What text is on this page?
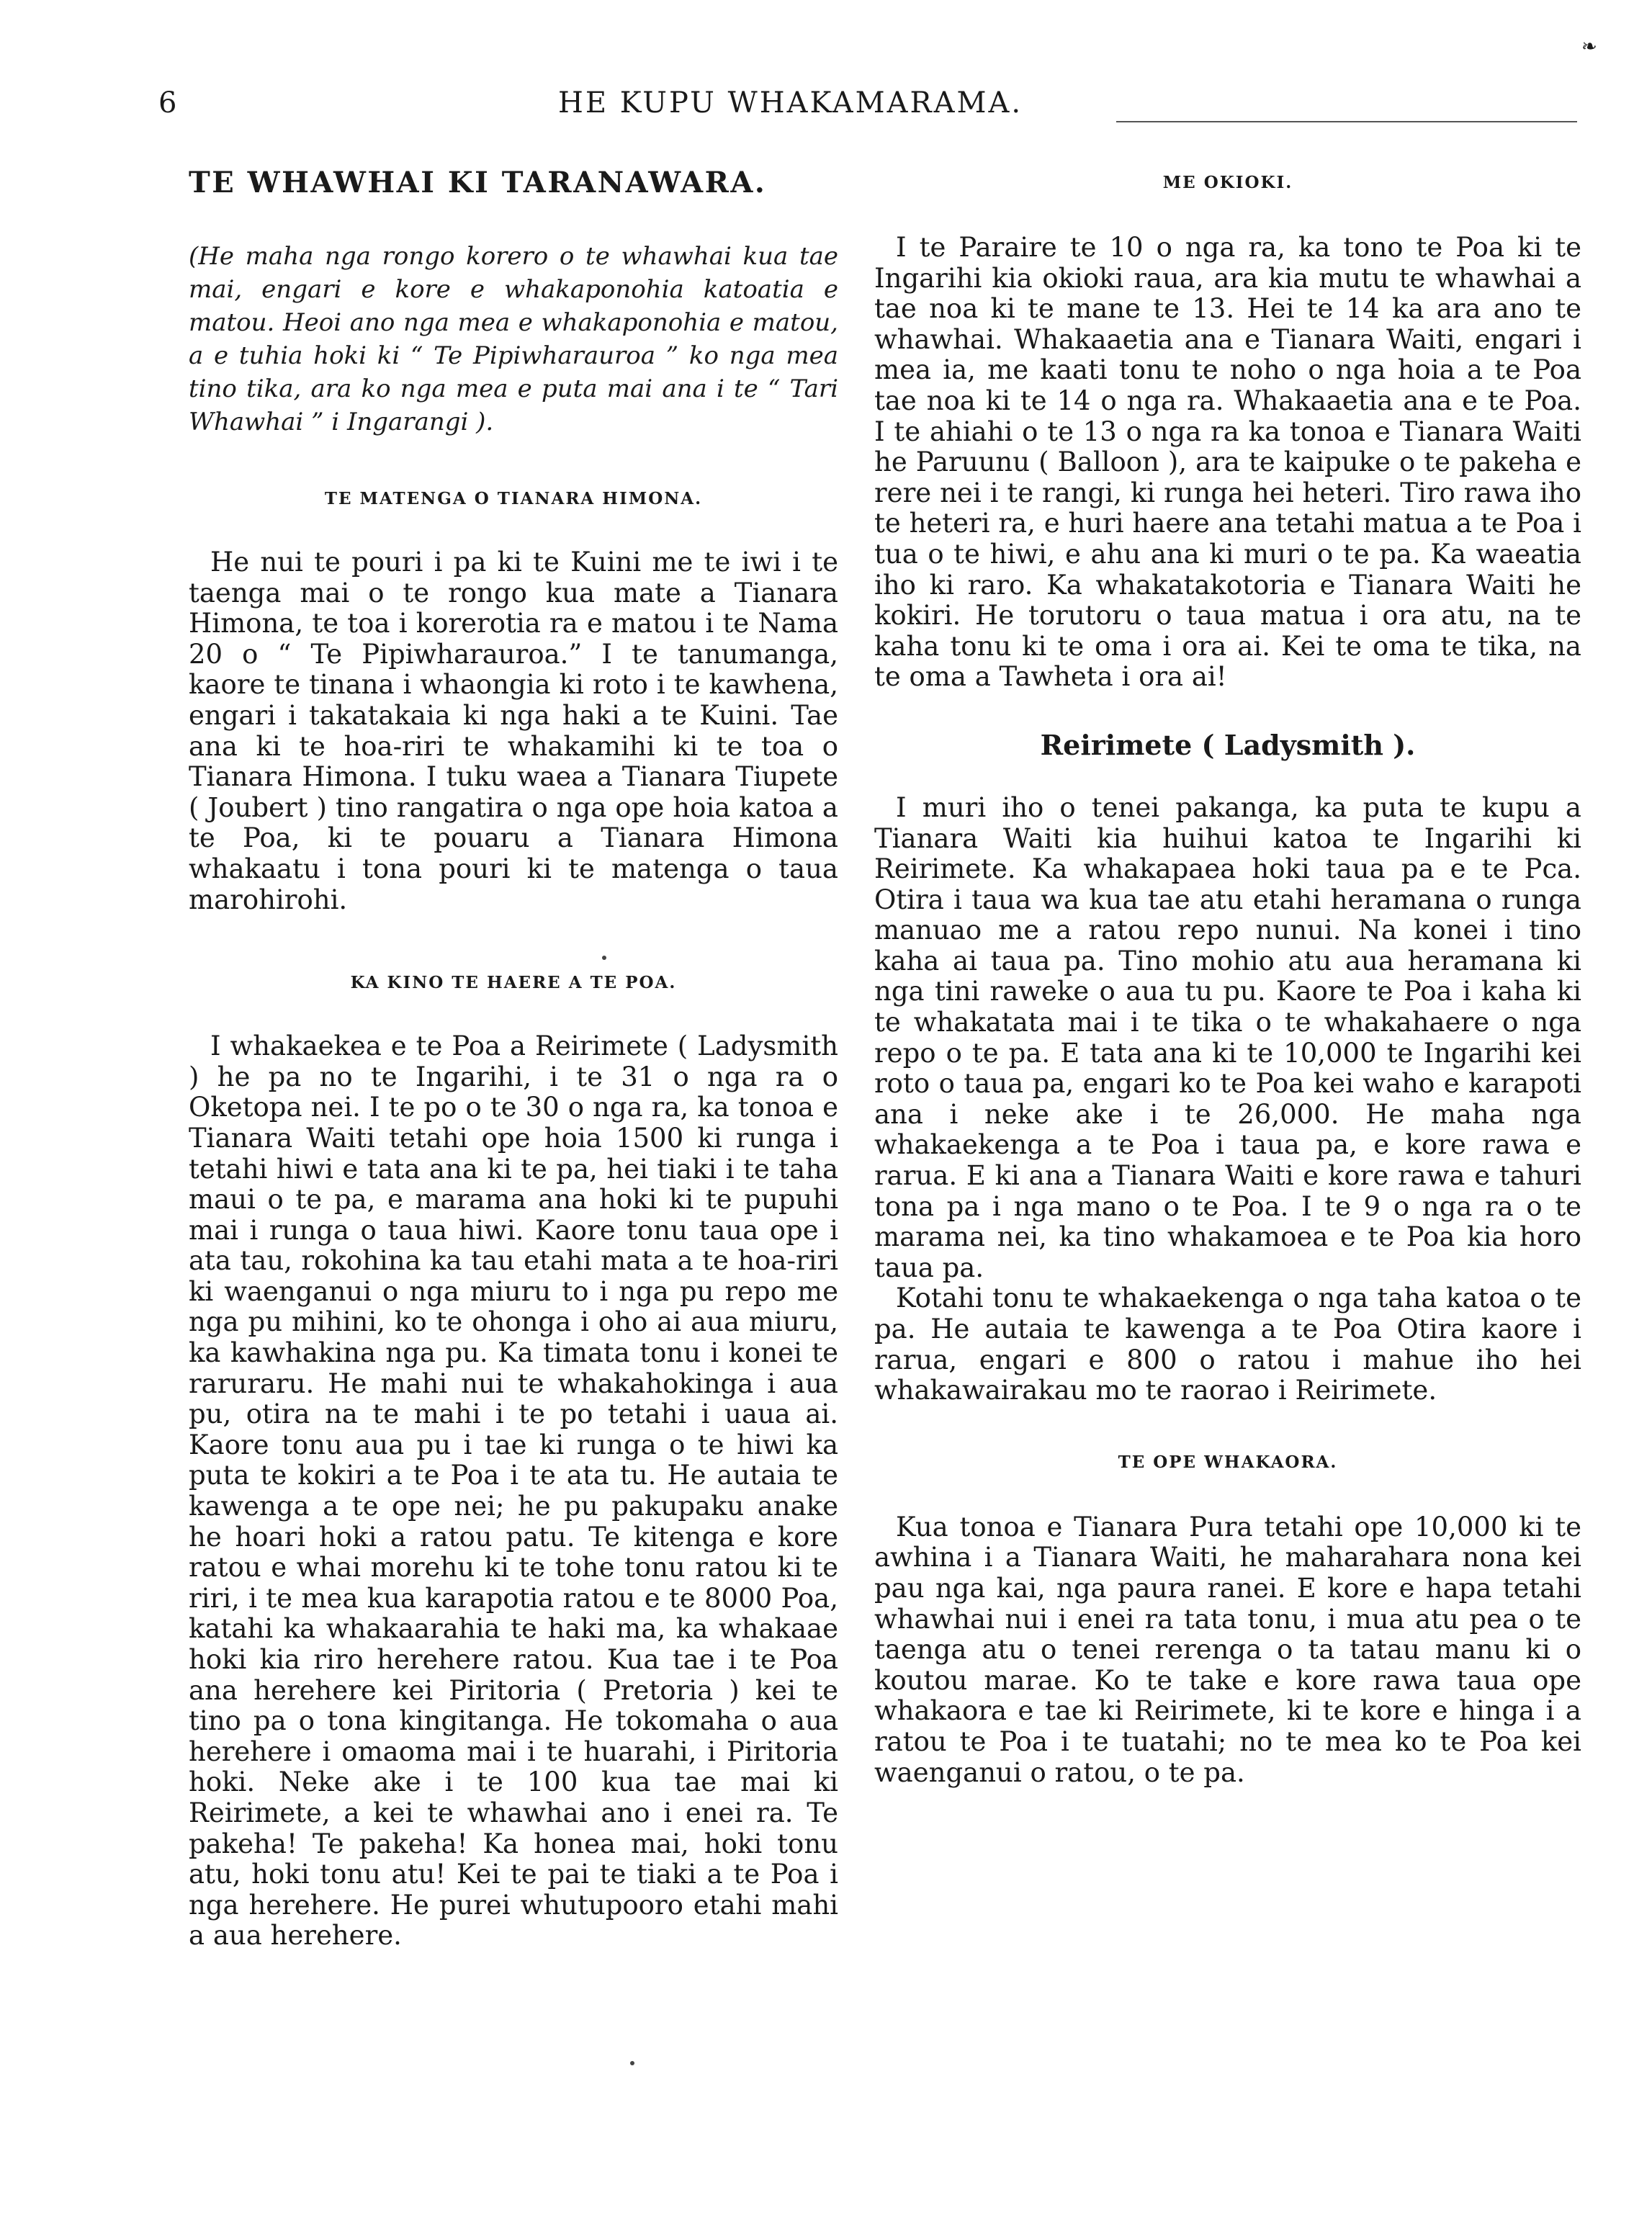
6	HE KUPU WHAKAMARAMA.
❧
TE WHAWHAI KI TARANAWARA.

(He maha nga rongo korero o te whawhai kua tae mai, engari e kore e whakaponohia katoatia e matou. Heoi ano nga mea e whakaponohia e matou, a e tuhia hoki ki “ Te Pipiwharauroa ” ko nga mea tino tika, ara ko nga mea e puta mai ana i te “ Tari Whawhai ” i Ingarangi ).

TE MATENGA O TIANARA HIMONA.

He nui te pouri i pa ki te Kuini me te iwi i te taenga mai o te rongo kua mate a Tianara Himona, te toa i korerotia ra e matou i te Nama 20 o “ Te Pipiwharauroa.” I te tanumanga, kaore te tinana i whaongia ki roto i te kawhena, engari i takatakaia ki nga haki a te Kuini. Tae ana ki te hoa-riri te whakamihi ki te toa o Tianara Himona. I tuku waea a Tianara Tiupete ( Joubert ) tino rangatira o nga ope hoia katoa a te Poa, ki te pouaru a Tianara Himona whakaatu i tona pouri ki te matenga o taua marohirohi.

KA KINO TE HAERE A TE POA.

I whakaekea e te Poa a Reirimete ( Ladysmith ) he pa no te Ingarihi, i te 31 o nga ra o Oketopa nei. I te po o te 30 o nga ra, ka tonoa e Tianara Waiti tetahi ope hoia 1500 ki runga i tetahi hiwi e tata ana ki te pa, hei tiaki i te taha maui o te pa, e marama ana hoki ki te pupuhi mai i runga o taua hiwi. Kaore tonu taua ope i ata tau, rokohina ka tau etahi mata a te hoa-riri ki waenganui o nga miuru to i nga pu repo me nga pu mihini, ko te ohonga i oho ai aua miuru, ka kawhakina nga pu. Ka timata tonu i konei te raruraru. He mahi nui te whakahokinga i aua pu, otira na te mahi i te po tetahi i uaua ai. Kaore tonu aua pu i tae ki runga o te hiwi ka puta te kokiri a te Poa i te ata tu. He autaia te kawenga a te ope nei; he pu pakupaku anake he hoari hoki a ratou patu. Te kitenga e kore ratou e whai morehu ki te tohe tonu ratou ki te riri, i te mea kua karapotia ratou e te 8000 Poa, katahi ka whakaarahia te haki ma, ka whakaae hoki kia riro herehere ratou. Kua tae i te Poa ana herehere kei Piritoria ( Pretoria ) kei te tino pa o tona kingitanga. He tokomaha o aua herehere i omaoma mai i te huarahi, i Piritoria hoki. Neke ake i te 100 kua tae mai ki Reirimete, a kei te whawhai ano i enei ra. Te pakeha! Te pakeha! Ka honea mai, hoki tonu atu, hoki tonu atu! Kei te pai te tiaki a te Poa i nga herehere. He purei whutupooro etahi mahi a aua herehere.

ME OKIOKI.

I te Paraire te 10 o nga ra, ka tono te Poa ki te Ingarihi kia okioki raua, ara kia mutu te whawhai a tae noa ki te mane te 13. Hei te 14 ka ara ano te whawhai. Whakaaetia ana e Tianara Waiti, engari i mea ia, me kaati tonu te noho o nga hoia a te Poa tae noa ki te 14 o nga ra. Whakaaetia ana e te Poa. I te ahiahi o te 13 o nga ra ka tonoa e Tianara Waiti he Paruunu ( Balloon ), ara te kaipuke o te pakeha e rere nei i te rangi, ki runga hei heteri. Tiro rawa iho te heteri ra, e huri haere ana tetahi matua a te Poa i tua o te hiwi, e ahu ana ki muri o te pa. Ka waeatia iho ki raro. Ka whakatakotoria e Tianara Waiti he kokiri. He torutoru o taua matua i ora atu, na te kaha tonu ki te oma i ora ai. Kei te oma te tika, na te oma a Tawheta i ora ai!

Reirimete ( Ladysmith ).

I muri iho o tenei pakanga, ka puta te kupu a Tianara Waiti kia huihui katoa te Ingarihi ki Reirimete. Ka whakapaea hoki taua pa e te Pca. Otira i taua wa kua tae atu etahi heramana o runga manuao me a ratou repo nunui. Na konei i tino kaha ai taua pa. Tino mohio atu aua heramana ki nga tini raweke o aua tu pu. Kaore te Poa i kaha ki te whakatata mai i te tika o te whakahaere o nga repo o te pa. E tata ana ki te 10,000 te Ingarihi kei roto o taua pa, engari ko te Poa kei waho e karapoti ana i neke ake i te 26,000. He maha nga whakaekenga a te Poa i taua pa, e kore rawa e rarua. E ki ana a Tianara Waiti e kore rawa e tahuri tona pa i nga mano o te Poa. I te 9 o nga ra o te marama nei, ka tino whakamoea e te Poa kia horo taua pa.

Kotahi tonu te whakaekenga o nga taha katoa o te pa. He autaia te kawenga a te Poa Otira kaore i rarua, engari e 800 o ratou i mahue iho hei whakawairakau mo te raorao i Reirimete.

TE OPE WHAKAORA.

Kua tonoa e Tianara Pura tetahi ope 10,000 ki te awhina i a Tianara Waiti, he maharahara nona kei pau nga kai, nga paura ranei. E kore e hapa tetahi whawhai nui i enei ra tata tonu, i mua atu pea o te taenga atu o tenei rerenga o ta tatau manu ki o koutou marae. Ko te take e kore rawa taua ope whakaora e tae ki Reirimete, ki te kore e hinga i a ratou te Poa i te tuatahi; no te mea ko te Poa kei waenganui o ratou, o te pa.
